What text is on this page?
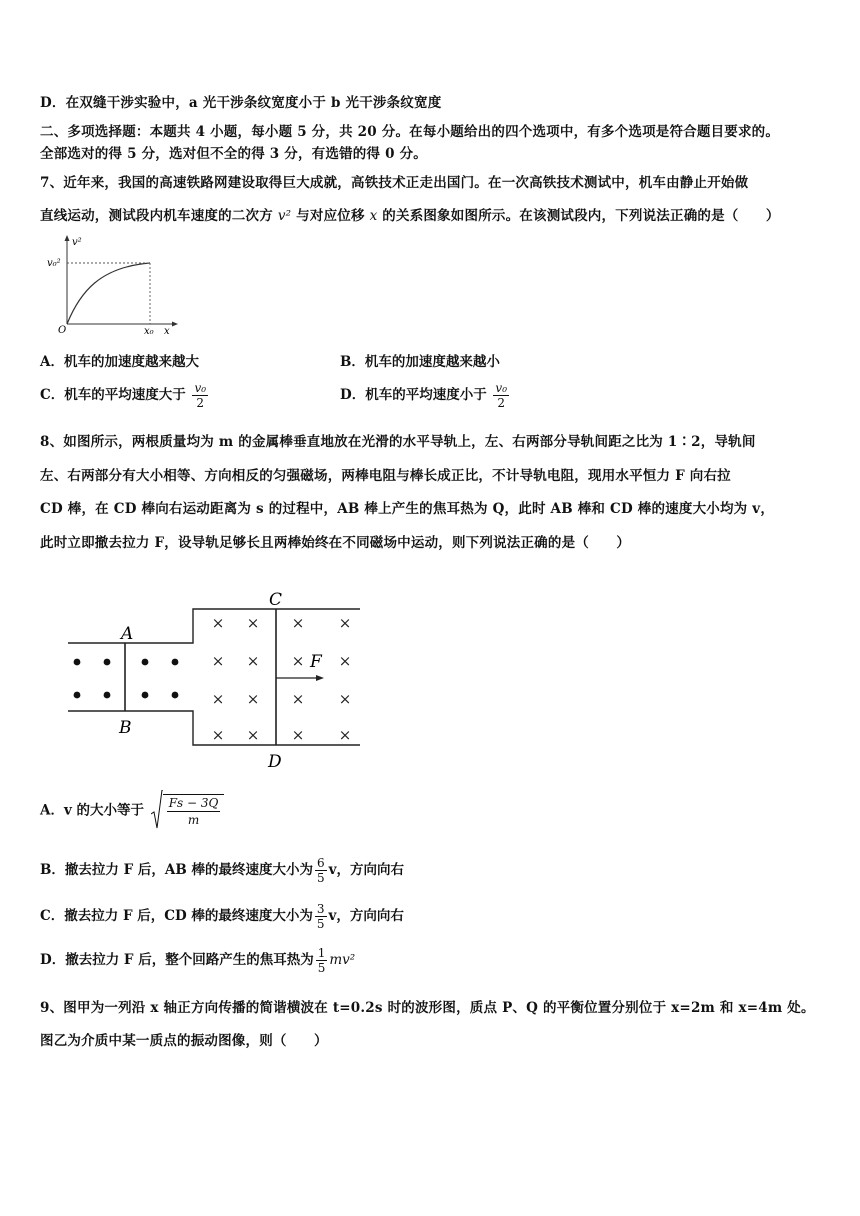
D．在双缝干涉实验中，a 光干涉条纹宽度小于 b 光干涉条纹宽度
二、多项选择题：本题共 4 小题，每小题 5 分，共 20 分。在每小题给出的四个选项中，有多个选项是符合题目要求的。
全部选对的得 5 分，选对但不全的得 3 分，有选错的得 0 分。
7、近年来，我国的高速铁路网建设取得巨大成就，高铁技术正走出国门。在一次高铁技术测试中，机车由静止开始做
直线运动，测试段内机车速度的二次方 v² 与对应位移 x 的关系图象如图所示。在该测试段内，下列说法正确的是（　　）
v²
v₀²
O	x₀ x
A．机车的加速度越来越大	B．机车的加速度越来越小
C．机车的平均速度大于 $\frac{\text{v₀}}{2}$	D．机车的平均速度小于 $\frac{\text{v₀}}{2}$
8、如图所示，两根质量均为 m 的金属棒垂直地放在光滑的水平导轨上，左、右两部分导轨间距之比为 1∶2，导轨间
左、右两部分有大小相等、方向相反的匀强磁场，两棒电阻与棒长成正比，不计导轨电阻，现用水平恒力 F 向右拉
CD 棒，在 CD 棒向右运动距离为 s 的过程中，AB 棒上产生的焦耳热为 Q，此时 AB 棒和 CD 棒的速度大小均为 v，
此时立即撤去拉力 F，设导轨足够长且两棒始终在不同磁场中运动，则下列说法正确的是（　　）
A
B
C
D
F
× × × ×
× × × ×
× × × ×
× × × ×
A．v 的大小等于 $\frac{Fs - 3Q}{m}$
B．撤去拉力 F 后，AB 棒的最终速度大小为 $\frac{6}{5}$ v，方向向右
C．撤去拉力 F 后，CD 棒的最终速度大小为 $\frac{3}{5}$ v，方向向右
D．撤去拉力 F 后，整个回路产生的焦耳热为 $\frac{1}{5} mv^2$
9、图甲为一列沿 x 轴正方向传播的简谐横波在 t=0.2s 时的波形图，质点 P、Q 的平衡位置分别位于 x=2m 和 x=4m 处。
图乙为介质中某一质点的振动图像，则（　　）
